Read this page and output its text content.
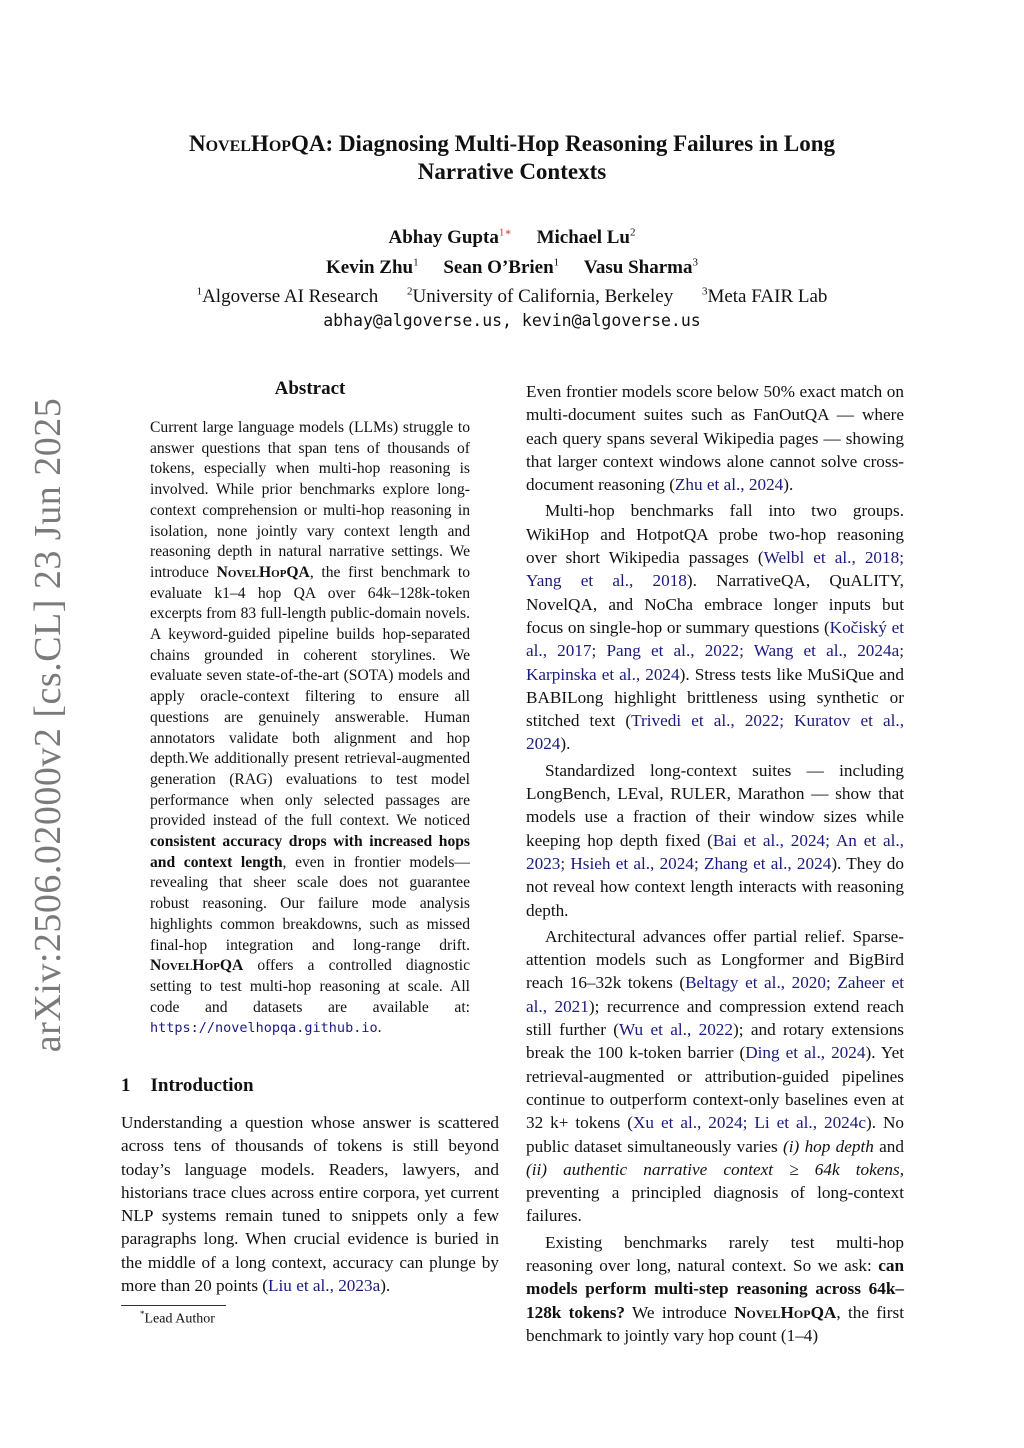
arXiv:2506.02000v2 [cs.CL] 23 Jun 2025
NovelHopQA: Diagnosing Multi-Hop Reasoning Failures in Long
Narrative Contexts
Abhay Gupta$^{1∗}$ Michael Lu$^2$
Kevin Zhu$^1$ Sean O’Brien$^1$ Vasu Sharma$^3$
$^1$Algoverse AI Research	$^2$University of California, Berkeley	$^3$Meta FAIR Lab
abhay@algoverse.us, kevin@algoverse.us
Abstract
Current large language models (LLMs) struggle to answer questions that span tens of thousands of tokens, especially when multi-hop reasoning is involved. While prior benchmarks explore long-context comprehension or multi-hop reasoning in isolation, none jointly vary context length and reasoning depth in natural narrative settings. We introduce NovelHopQA, the first benchmark to evaluate k1–4 hop QA over 64k–128k-token excerpts from 83 full-length public-domain novels. A keyword-guided pipeline builds hop-separated chains grounded in coherent storylines. We evaluate seven state-of-the-art (SOTA) models and apply oracle-context filtering to ensure all questions are genuinely answerable. Human annotators validate both alignment and hop depth.We additionally present retrieval-augmented generation (RAG) evaluations to test model performance when only selected passages are provided instead of the full context. We noticed consistent accuracy drops with increased hops and context length, even in frontier models—revealing that sheer scale does not guarantee robust reasoning. Our failure mode analysis highlights common breakdowns, such as missed final-hop integration and long-range drift. NovelHopQA offers a controlled diagnostic setting to test multi-hop reasoning at scale. All code and datasets are available at: https://novelhopqa.github.io.
1 Introduction
Understanding a question whose answer is scattered across tens of thousands of tokens is still beyond today’s language models. Readers, lawyers, and historians trace clues across entire corpora, yet current NLP systems remain tuned to snippets only a few paragraphs long. When crucial evidence is buried in the middle of a long context, accuracy can plunge by more than 20 points (Liu et al., 2023a).
*Lead Author

Even frontier models score below 50% exact match on multi-document suites such as FanOutQA — where each query spans several Wikipedia pages — showing that larger context windows alone cannot solve cross-document reasoning (Zhu et al., 2024).

Multi-hop benchmarks fall into two groups. WikiHop and HotpotQA probe two-hop reasoning over short Wikipedia passages (Welbl et al., 2018; Yang et al., 2018). NarrativeQA, QuALITY, NovelQA, and NoCha embrace longer inputs but focus on single-hop or summary questions (Kočiský et al., 2017; Pang et al., 2022; Wang et al., 2024a; Karpinska et al., 2024). Stress tests like MuSiQue and BABILong highlight brittleness using synthetic or stitched text (Trivedi et al., 2022; Kuratov et al., 2024).

Standardized long-context suites — including LongBench, LEval, RULER, Marathon — show that models use a fraction of their window sizes while keeping hop depth fixed (Bai et al., 2024; An et al., 2023; Hsieh et al., 2024; Zhang et al., 2024). They do not reveal how context length interacts with reasoning depth.

Architectural advances offer partial relief. Sparse-attention models such as Longformer and BigBird reach 16–32k tokens (Beltagy et al., 2020; Zaheer et al., 2021); recurrence and compression extend reach still further (Wu et al., 2022); and rotary extensions break the 100 k-token barrier (Ding et al., 2024). Yet retrieval-augmented or attribution-guided pipelines continue to outperform context-only baselines even at 32 k+ tokens (Xu et al., 2024; Li et al., 2024c). No public dataset simultaneously varies (i) hop depth and (ii) authentic narrative context ≥ 64k tokens, preventing a principled diagnosis of long-context failures.

Existing benchmarks rarely test multi-hop reasoning over long, natural context. So we ask: can models perform multi-step reasoning across 64k–128k tokens? We introduce NovelHopQA, the first benchmark to jointly vary hop count (1–4)
